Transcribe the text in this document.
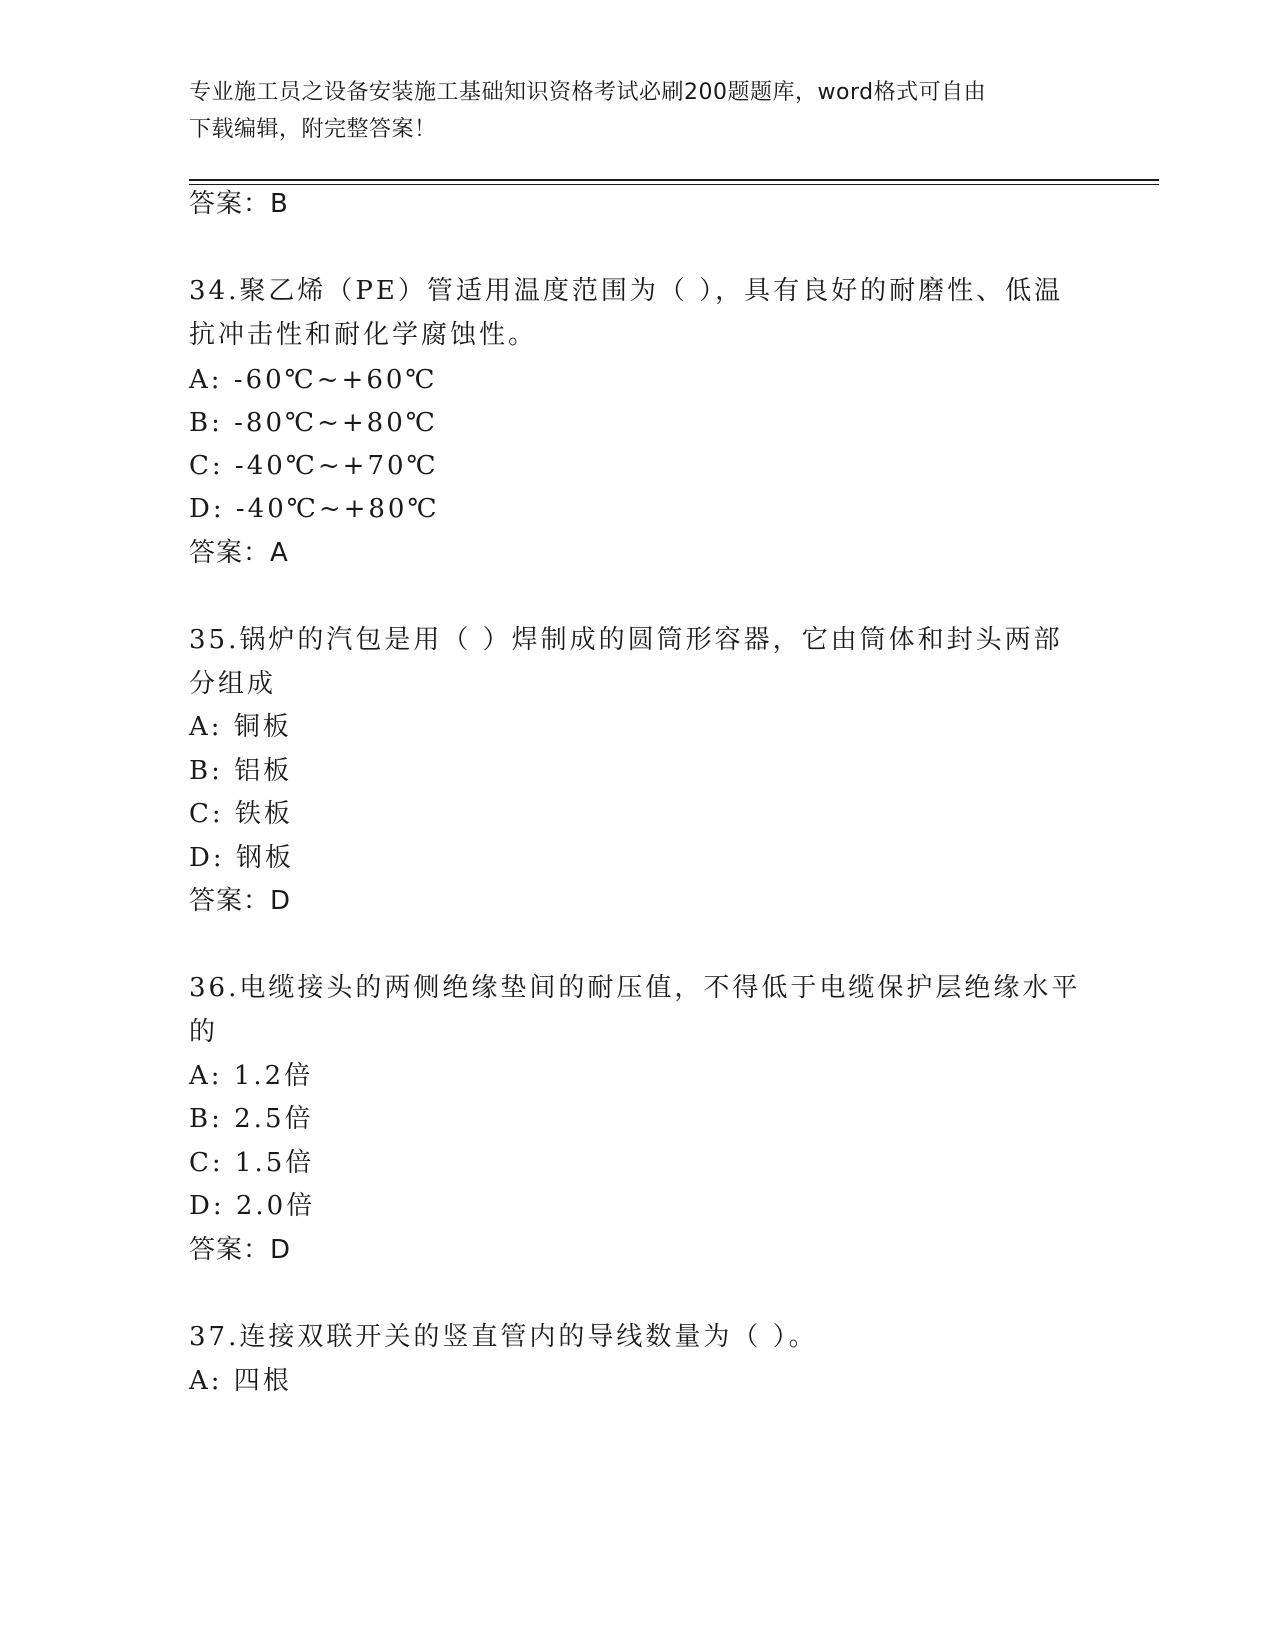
专业施工员之设备安装施工基础知识资格考试必刷200题题库，word格式可自由
下载编辑，附完整答案！
答案：B
34.聚乙烯（PE）管适用温度范围为（ ），具有良好的耐磨性、低温
抗冲击性和耐化学腐蚀性。
A: -60℃~+60℃
B: -80℃~+80℃
C: -40℃~+70℃
D: -40℃~+80℃
答案：A
35.锅炉的汽包是用（ ）焊制成的圆筒形容器，它由筒体和封头两部
分组成
A: 铜板
B: 铝板
C: 铁板
D: 钢板
答案：D
36.电缆接头的两侧绝缘垫间的耐压值，不得低于电缆保护层绝缘水平
的
A: 1.2倍
B: 2.5倍
C: 1.5倍
D: 2.0倍
答案：D
37.连接双联开关的竖直管内的导线数量为（ ）。
A: 四根
